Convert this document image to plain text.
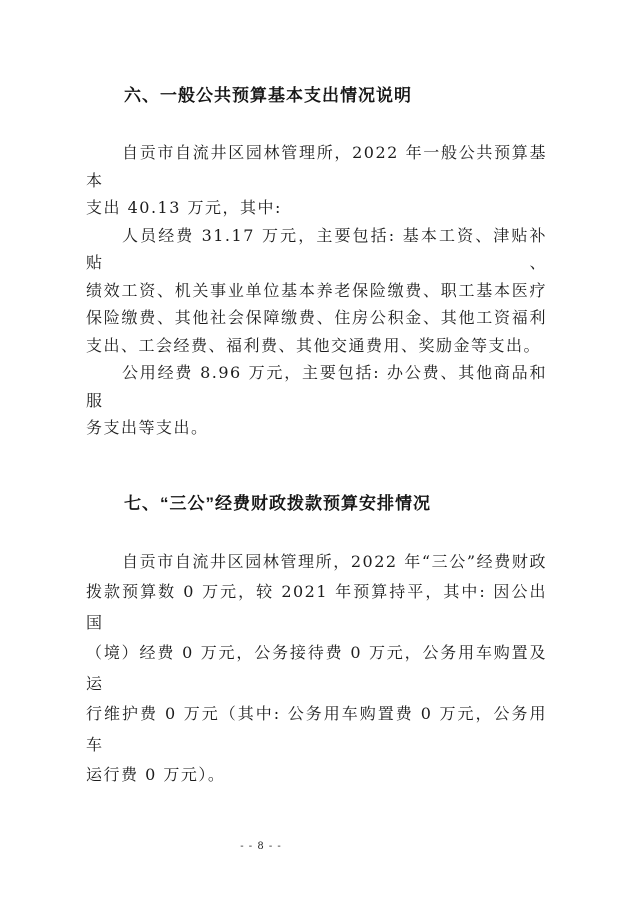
六、一般公共预算基本支出情况说明
自贡市自流井区园林管理所，2022 年一般公共预算基本
支出 40.13 万元，其中:
人员经费 31.17 万元，主要包括: 基本工资、津贴补贴、
绩效工资、机关事业单位基本养老保险缴费、职工基本医疗
保险缴费、其他社会保障缴费、住房公积金、其他工资福利
支出、工会经费、福利费、其他交通费用、奖励金等支出。
公用经费 8.96 万元，主要包括: 办公费、其他商品和服
务支出等支出。
七、“三公”经费财政拨款预算安排情况
自贡市自流井区园林管理所，2022 年“三公”经费财政
拨款预算数 0 万元，较 2021 年预算持平，其中: 因公出国
（境）经费 0 万元，公务接待费 0 万元，公务用车购置及运
行维护费 0 万元（其中: 公务用车购置费 0 万元，公务用车
运行费 0 万元）。
- - 8 - -
